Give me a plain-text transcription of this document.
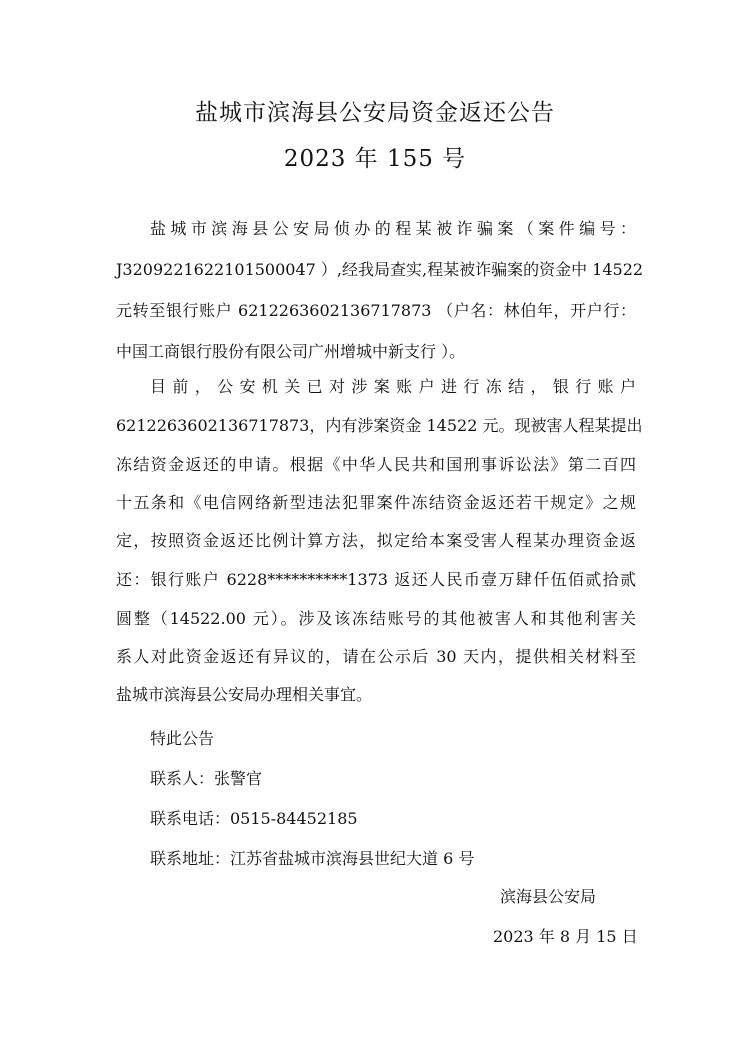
盐城市滨海县公安局资金返还公告
2023 年 155 号
盐城市滨海县公安局侦办的程某被诈骗案（案件编号：
J3209221622101500047 ）,经我局查实,程某被诈骗案的资金中 14522
元转至银行账户 6212263602136717873 （户名：林伯年，开户行：
中国工商银行股份有限公司广州增城中新支行 ）。
目前，公安机关已对涉案账户进行冻结，银行账户
6212263602136717873，内有涉案资金 14522 元。现被害人程某提出
冻结资金返还的申请。根据《中华人民共和国刑事诉讼法》第二百四
十五条和《电信网络新型违法犯罪案件冻结资金返还若干规定》之规
定，按照资金返还比例计算方法，拟定给本案受害人程某办理资金返
还：银行账户 6228**********1373 返还人民币壹万肆仟伍佰贰拾贰
圆整（14522.00 元）。涉及该冻结账号的其他被害人和其他利害关
系人对此资金返还有异议的，请在公示后 30 天内，提供相关材料至
盐城市滨海县公安局办理相关事宜。
特此公告
联系人：张警官
联系电话：0515-84452185
联系地址：江苏省盐城市滨海县世纪大道 6 号
滨海县公安局
2023 年 8 月 15 日
